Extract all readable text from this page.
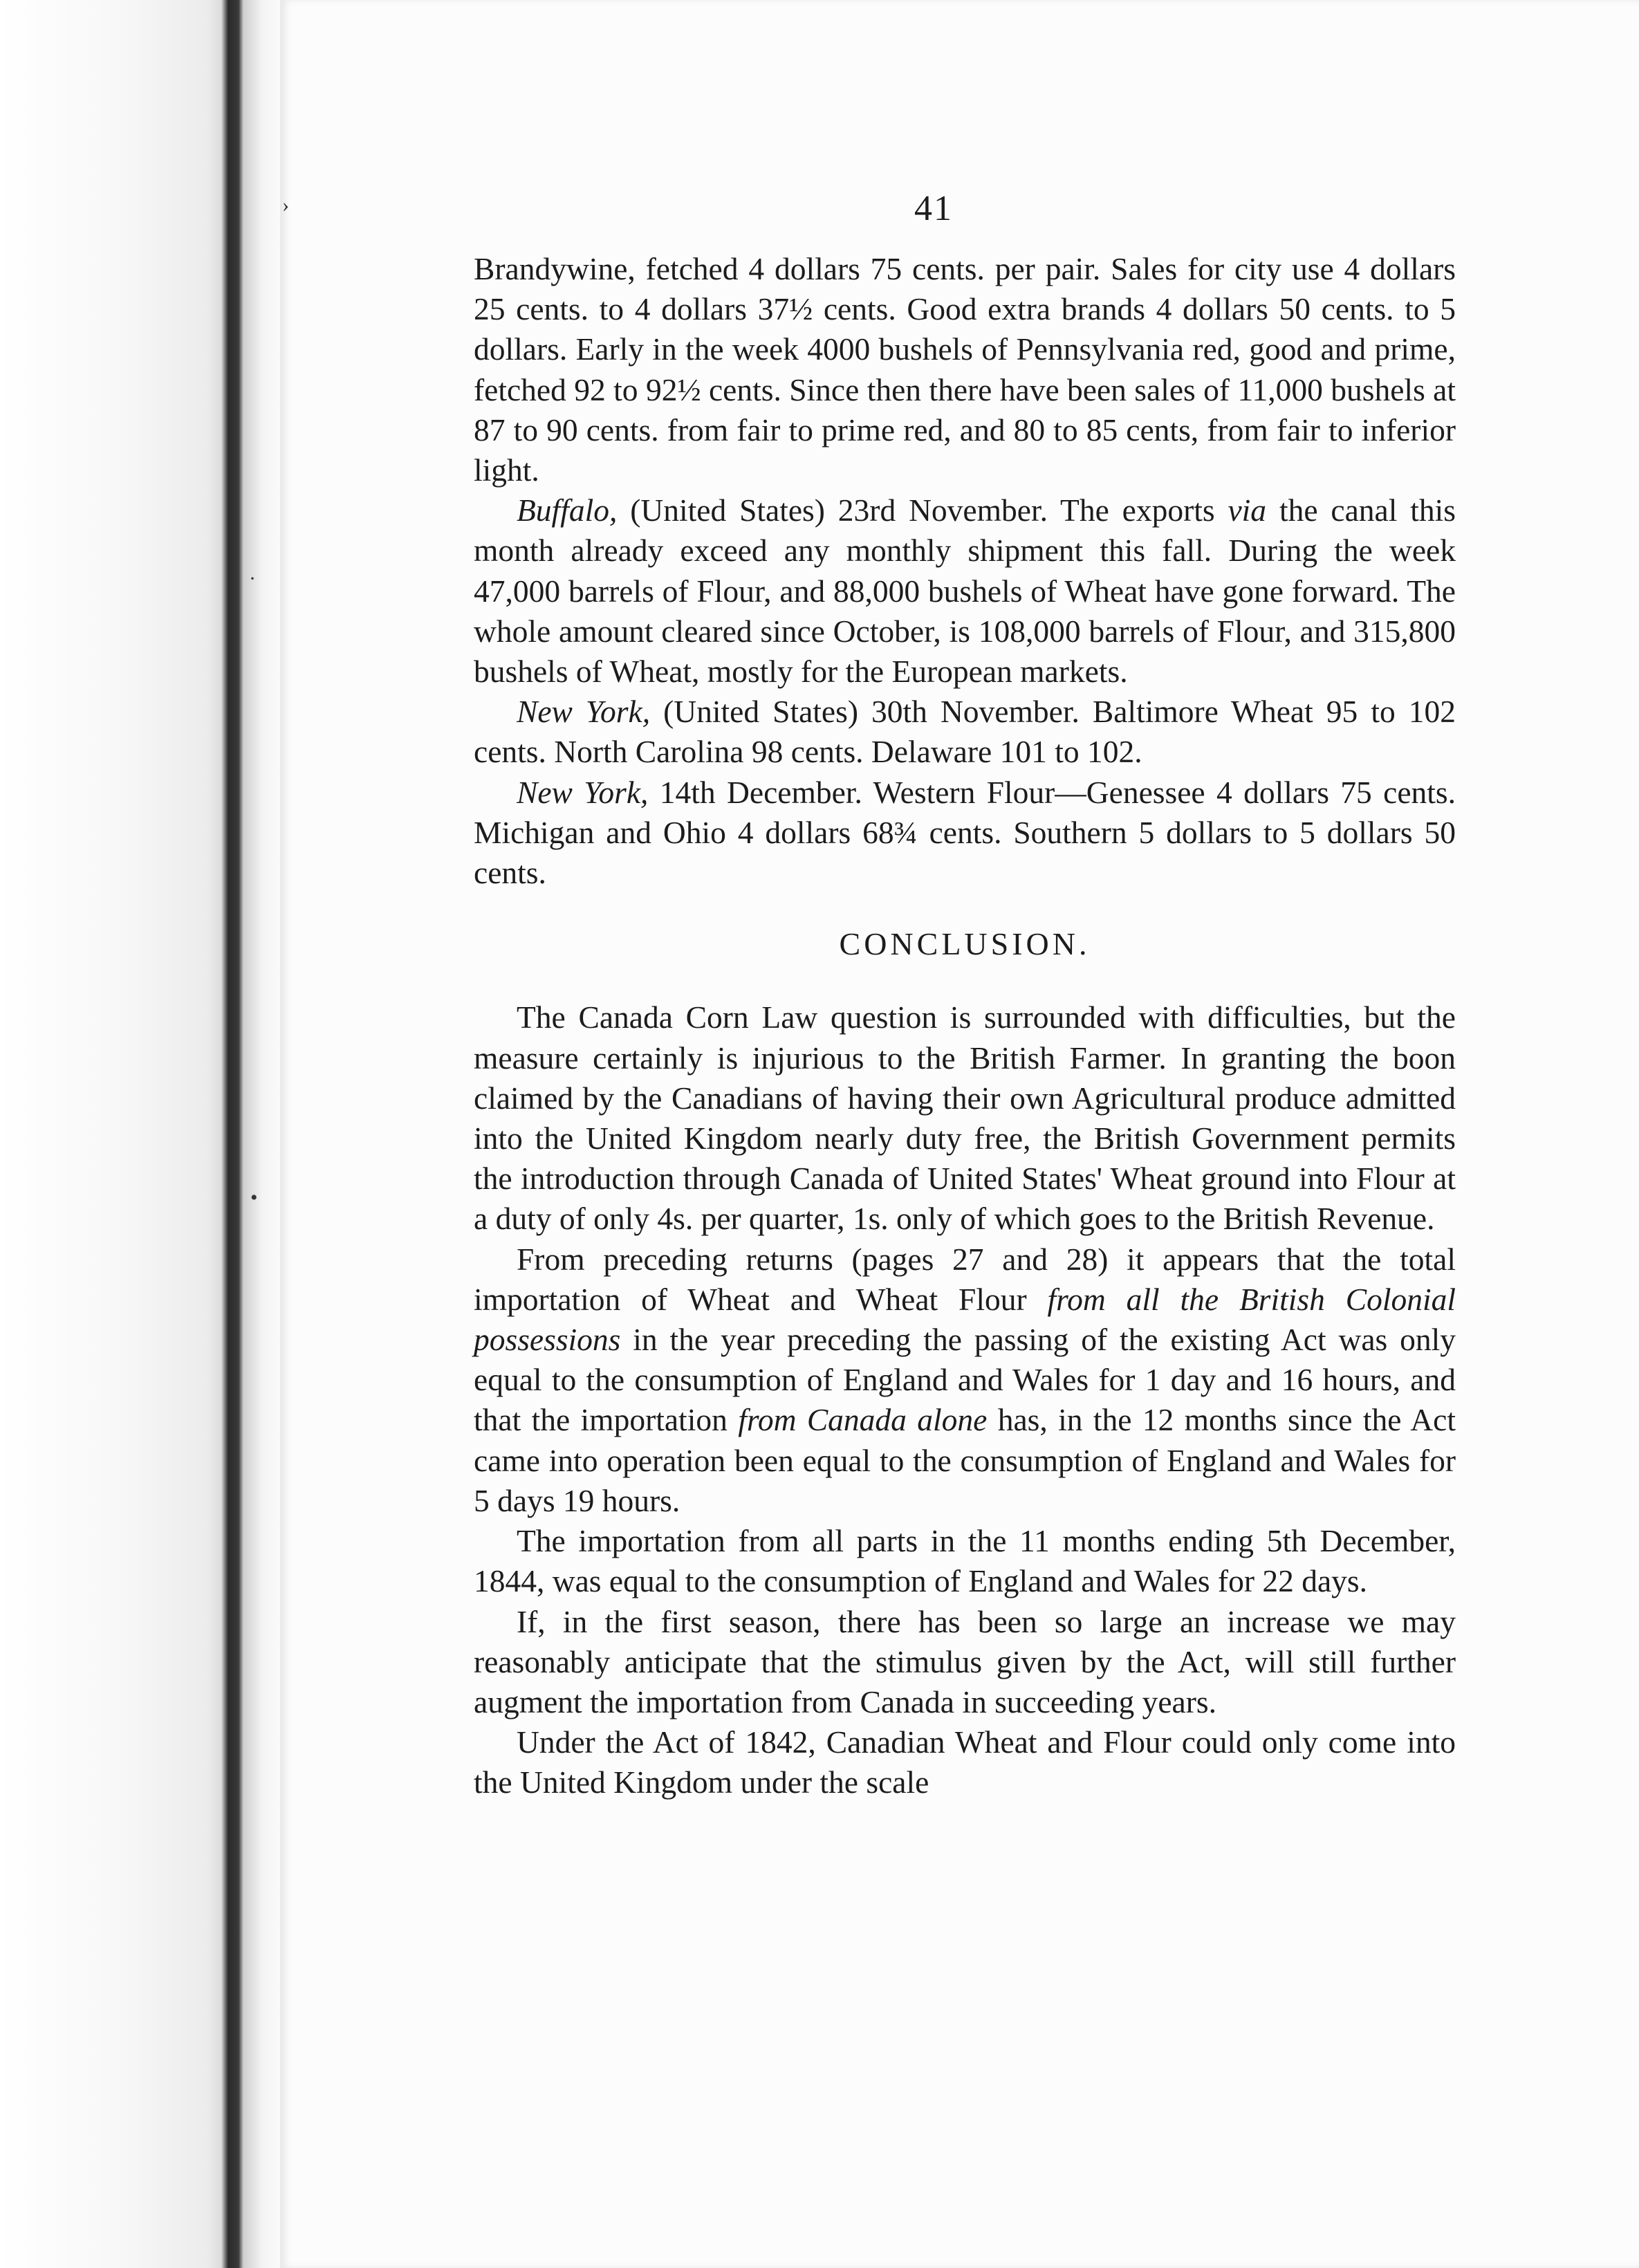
›
·
•
41

Brandywine, fetched 4 dollars 75 cents. per pair. Sales for city use 4 dollars 25 cents. to 4 dollars 37½ cents. Good extra brands 4 dollars 50 cents. to 5 dollars. Early in the week 4000 bushels of Pennsylvania red, good and prime, fetched 92 to 92½ cents. Since then there have been sales of 11,000 bushels at 87 to 90 cents. from fair to prime red, and 80 to 85 cents, from fair to inferior light.

Buffalo, (United States) 23rd November. The exports via the canal this month already exceed any monthly shipment this fall. During the week 47,000 barrels of Flour, and 88,000 bushels of Wheat have gone forward. The whole amount cleared since October, is 108,000 barrels of Flour, and 315,800 bushels of Wheat, mostly for the European markets.

New York, (United States) 30th November. Baltimore Wheat 95 to 102 cents. North Carolina 98 cents. Delaware 101 to 102.

New York, 14th December. Western Flour—Genessee 4 dollars 75 cents. Michigan and Ohio 4 dollars 68¾ cents. Southern 5 dollars to 5 dollars 50 cents.

CONCLUSION.

The Canada Corn Law question is surrounded with difficulties, but the measure certainly is injurious to the British Farmer. In granting the boon claimed by the Canadians of having their own Agricultural produce admitted into the United Kingdom nearly duty free, the British Government permits the introduction through Canada of United States' Wheat ground into Flour at a duty of only 4s. per quarter, 1s. only of which goes to the British Revenue.

From preceding returns (pages 27 and 28) it appears that the total importation of Wheat and Wheat Flour from all the British Colonial possessions in the year preceding the passing of the existing Act was only equal to the consumption of England and Wales for 1 day and 16 hours, and that the importation from Canada alone has, in the 12 months since the Act came into operation been equal to the consumption of England and Wales for 5 days 19 hours.

The importation from all parts in the 11 months ending 5th December, 1844, was equal to the consumption of England and Wales for 22 days.

If, in the first season, there has been so large an increase we may reasonably anticipate that the stimulus given by the Act, will still further augment the importation from Canada in succeeding years.

Under the Act of 1842, Canadian Wheat and Flour could only come into the United Kingdom under the scale
